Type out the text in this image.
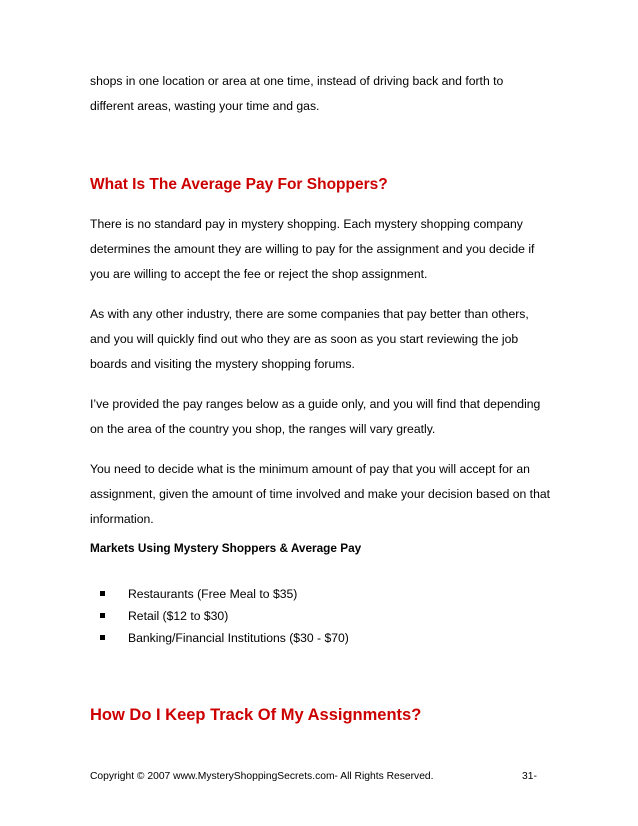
shops in one location or area at one time, instead of driving back and forth to
different areas, wasting your time and gas.
What Is The Average Pay For Shoppers?
There is no standard pay in mystery shopping. Each mystery shopping company
determines the amount they are willing to pay for the assignment and you decide if
you are willing to accept the fee or reject the shop assignment.
As with any other industry, there are some companies that pay better than others,
and you will quickly find out who they are as soon as you start reviewing the job
boards and visiting the mystery shopping forums.
I’ve provided the pay ranges below as a guide only, and you will find that depending
on the area of the country you shop, the ranges will vary greatly.
You need to decide what is the minimum amount of pay that you will accept for an
assignment, given the amount of time involved and make your decision based on that
information.
Markets Using Mystery Shoppers & Average Pay
Restaurants (Free Meal to $35)
Retail ($12 to $30)
Banking/Financial Institutions ($30 - $70)
How Do I Keep Track Of My Assignments?
Copyright © 2007 www.MysteryShoppingSecrets.com- All Rights Reserved.	31-
